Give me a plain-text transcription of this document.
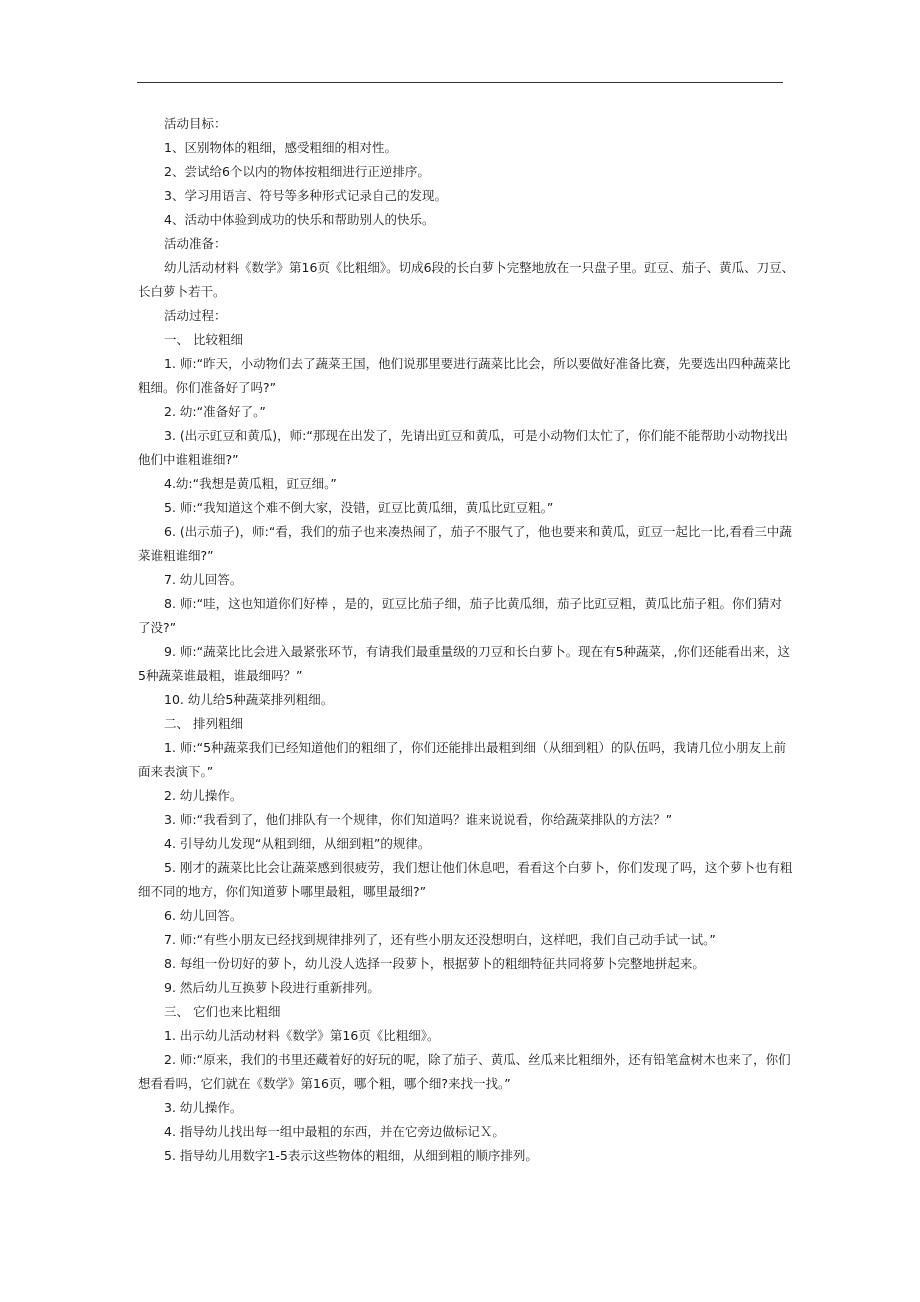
活动目标：
1、区别物体的粗细，感受粗细的相对性。
2、尝试给6个以内的物体按粗细进行正逆排序。
3、学习用语言、符号等多种形式记录自己的发现。
4、活动中体验到成功的快乐和帮助别人的快乐。
活动准备：
幼儿活动材料《数学》第16页《比粗细》。切成6段的长白萝卜完整地放在一只盘子里。豇豆、茄子、黄瓜、刀豆、
长白萝卜若干。
活动过程：
一、 比较粗细
1. 师:“昨天，小动物们去了蔬菜王国，他们说那里要进行蔬菜比比会，所以要做好准备比赛，先要选出四种蔬菜比
粗细。你们准备好了吗?”
2. 幼:“准备好了。”
3. (出示豇豆和黄瓜)，师:“那现在出发了，先请出豇豆和黄瓜，可是小动物们太忙了，你们能不能帮助小动物找出
他们中谁粗谁细?”
4.幼:“我想是黄瓜粗，豇豆细。”
5. 师:“我知道这个难不倒大家，没错，豇豆比黄瓜细，黄瓜比豇豆粗。”
6. (出示茄子)，师:“看，我们的茄子也来凑热闹了，茄子不服气了，他也要来和黄瓜，豇豆一起比一比,看看三中蔬
菜谁粗谁细?”
7. 幼儿回答。
8. 师:“哇，这也知道你们好棒 ，是的，豇豆比茄子细，茄子比黄瓜细，茄子比豇豆粗，黄瓜比茄子粗。你们猜对
了没?”
9. 师:“蔬菜比比会进入最紧张环节，有请我们最重量级的刀豆和长白萝卜。现在有5种蔬菜，,你们还能看出来，这
5种蔬菜谁最粗，谁最细吗？”
10. 幼儿给5种蔬菜排列粗细。
二、 排列粗细
1. 师:“5种蔬菜我们已经知道他们的粗细了，你们还能排出最粗到细（从细到粗）的队伍吗，我请几位小朋友上前
面来表演下。”
2. 幼儿操作。
3. 师:“我看到了，他们排队有一个规律，你们知道吗？谁来说说看，你给蔬菜排队的方法？”
4. 引导幼儿发现“从粗到细，从细到粗”的规律。
5. 刚才的蔬菜比比会让蔬菜感到很疲劳，我们想让他们休息吧，看看这个白萝卜，你们发现了吗，这个萝卜也有粗
细不同的地方，你们知道萝卜哪里最粗，哪里最细?”
6. 幼儿回答。
7. 师:“有些小朋友已经找到规律排列了，还有些小朋友还没想明白，这样吧，我们自己动手试一试。”
8. 每组一份切好的萝卜，幼儿没人选择一段萝卜，根据萝卜的粗细特征共同将萝卜完整地拼起来。
9. 然后幼儿互换萝卜段进行重新排列。
三、 它们也来比粗细
1. 出示幼儿活动材料《数学》第16页《比粗细》。
2. 师:“原来，我们的书里还藏着好的好玩的呢，除了茄子、黄瓜、丝瓜来比粗细外，还有铅笔盒树木也来了，你们
想看看吗，它们就在《数学》第16页，哪个粗，哪个细?来找一找。”
3. 幼儿操作。
4. 指导幼儿找出每一组中最粗的东西，并在它旁边做标记Ｘ。
5. 指导幼儿用数字1-5表示这些物体的粗细，从细到粗的顺序排列。
